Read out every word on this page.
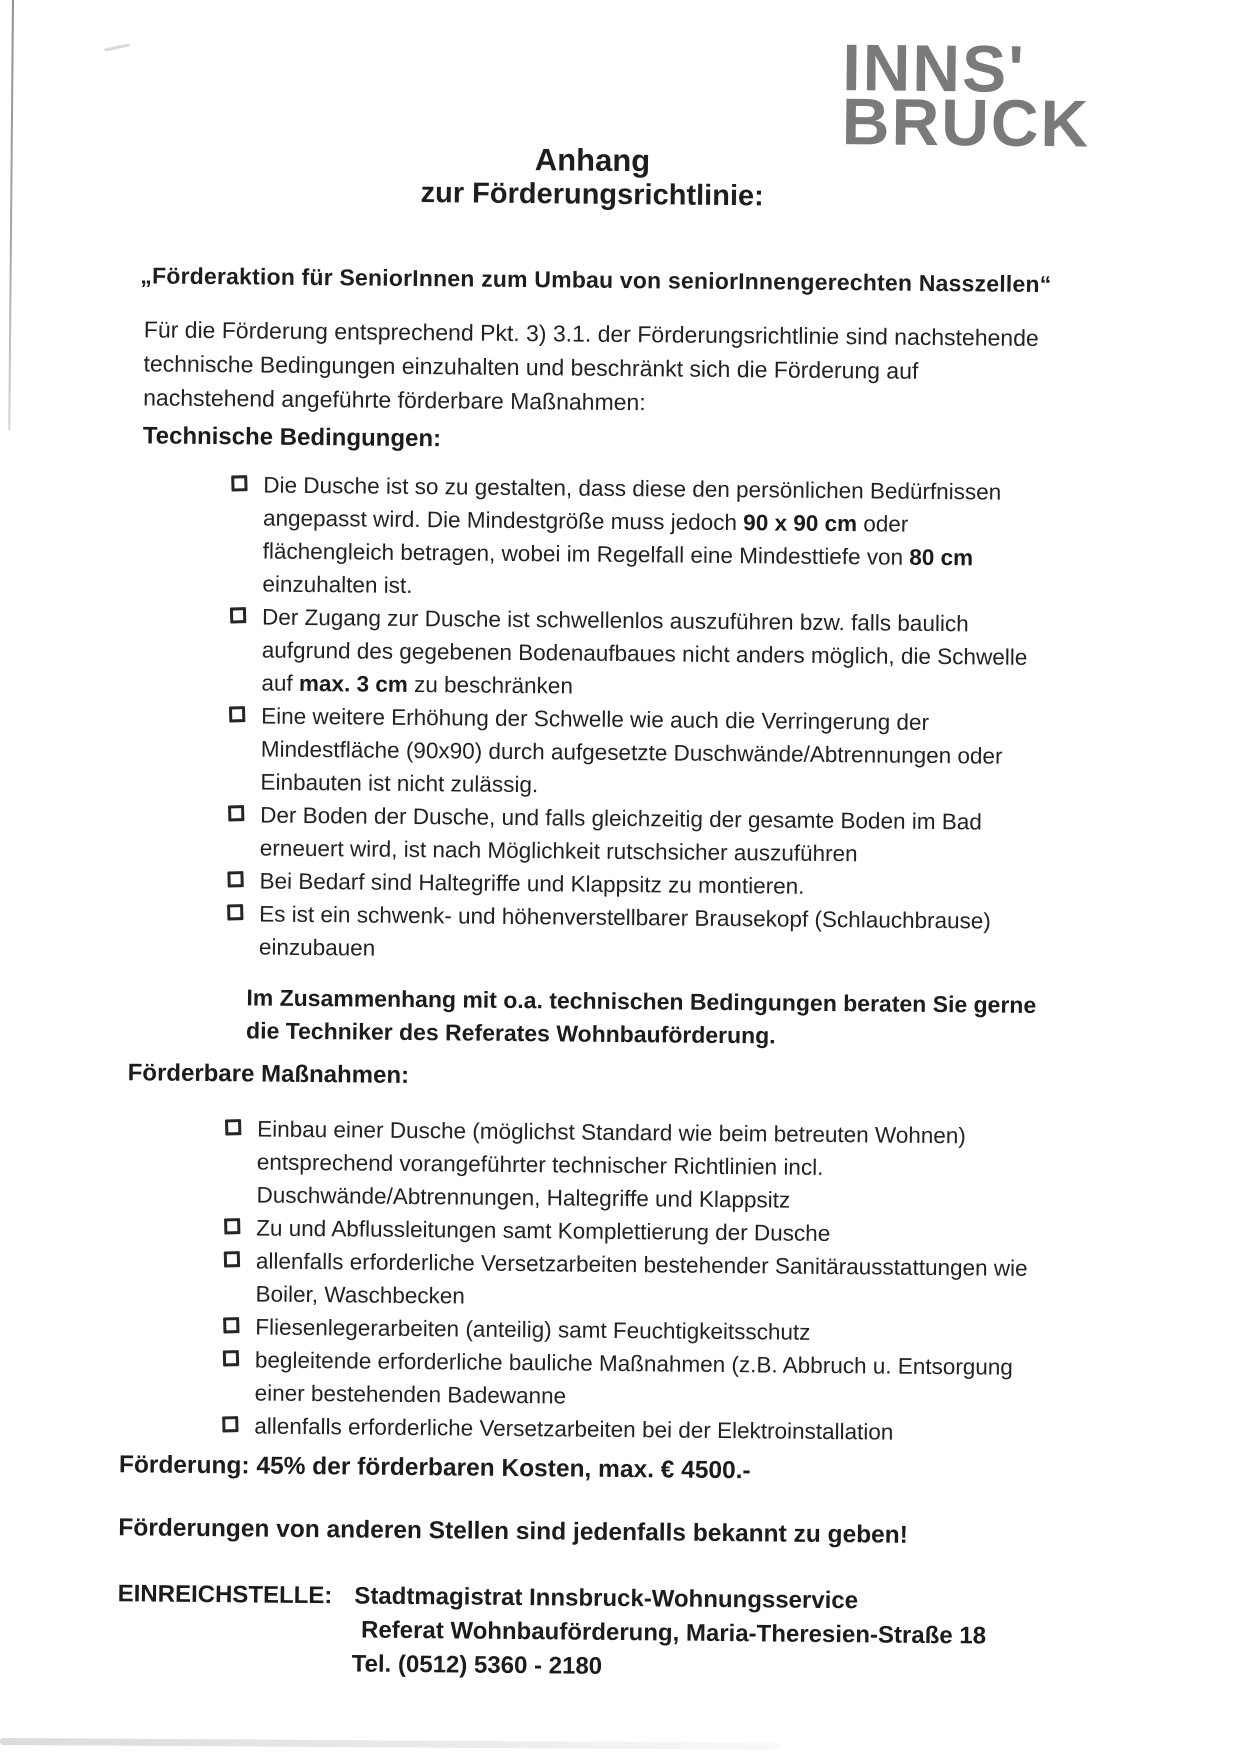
INNS'
BRUCK
Anhang
zur Förderungsrichtlinie:
„Förderaktion für SeniorInnen zum Umbau von seniorInnengerechten Nasszellen“
Für die Förderung entsprechend Pkt. 3) 3.1. der Förderungsrichtlinie sind nachstehende technische Bedingungen einzuhalten und beschränkt sich die Förderung auf nachstehend angeführte förderbare Maßnahmen:
Technische Bedingungen:
Die Dusche ist so zu gestalten, dass diese den persönlichen Bedürfnissen angepasst wird. Die Mindestgröße muss jedoch 90 x 90 cm oder flächengleich betragen, wobei im Regelfall eine Mindesttiefe von 80 cm einzuhalten ist.
Der Zugang zur Dusche ist schwellenlos auszuführen bzw. falls baulich aufgrund des gegebenen Bodenaufbaues nicht anders möglich, die Schwelle auf max. 3 cm zu beschränken
Eine weitere Erhöhung der Schwelle wie auch die Verringerung der Mindestfläche (90x90) durch aufgesetzte Duschwände/Abtrennungen oder Einbauten ist nicht zulässig.
Der Boden der Dusche, und falls gleichzeitig der gesamte Boden im Bad erneuert wird, ist nach Möglichkeit rutschsicher auszuführen
Bei Bedarf sind Haltegriffe und Klappsitz zu montieren.
Es ist ein schwenk- und höhenverstellbarer Brausekopf (Schlauchbrause) einzubauen
Im Zusammenhang mit o.a. technischen Bedingungen beraten Sie gerne die Techniker des Referates Wohnbauförderung.
Förderbare Maßnahmen:
Einbau einer Dusche (möglichst Standard wie beim betreuten Wohnen) entsprechend vorangeführter technischer Richtlinien incl. Duschwände/Abtrennungen, Haltegriffe und Klappsitz
Zu und Abflussleitungen samt Komplettierung der Dusche
allenfalls erforderliche Versetzarbeiten bestehender Sanitärausstattungen wie Boiler, Waschbecken
Fliesenlegerarbeiten (anteilig) samt Feuchtigkeitsschutz
begleitende erforderliche bauliche Maßnahmen (z.B. Abbruch u. Entsorgung einer bestehenden Badewanne
allenfalls erforderliche Versetzarbeiten bei der Elektroinstallation
Förderung: 45% der förderbaren Kosten, max. € 4500.-
Förderungen von anderen Stellen sind jedenfalls bekannt zu geben!
EINREICHSTELLE: Stadtmagistrat Innsbruck-Wohnungsservice
Referat Wohnbauförderung, Maria-Theresien-Straße 18
Tel. (0512) 5360 - 2180
